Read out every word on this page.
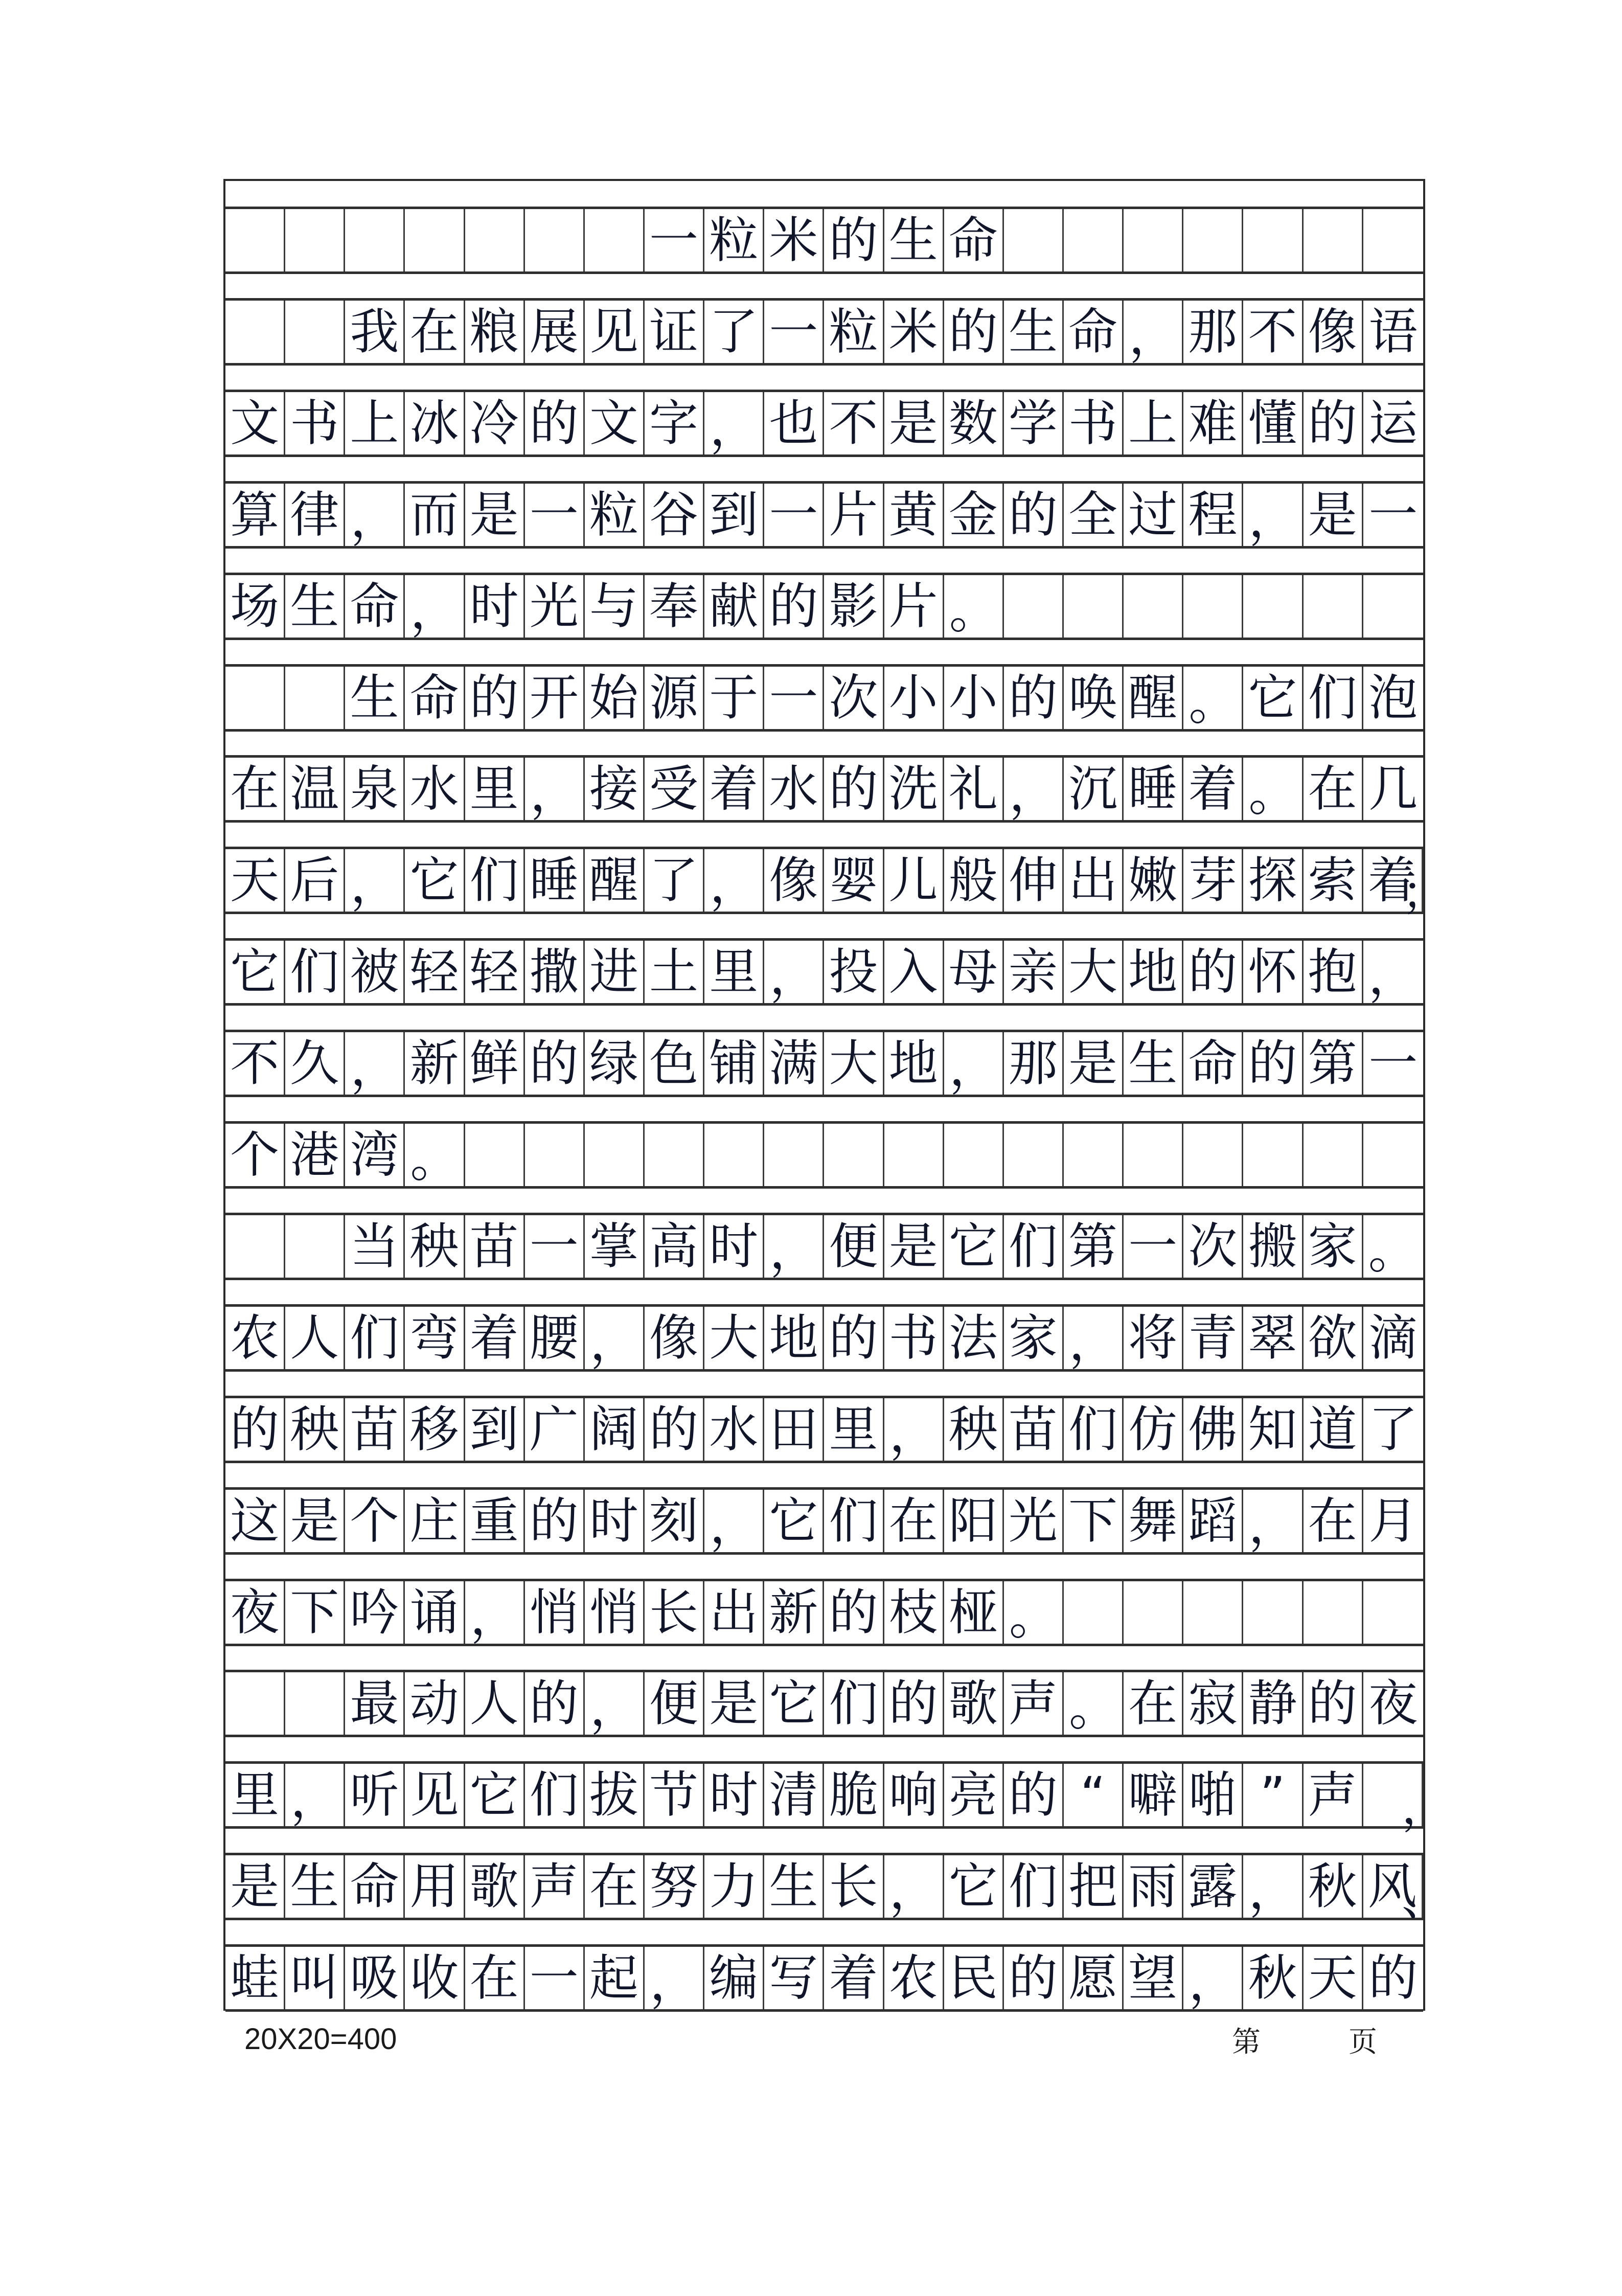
一 粒 米 的 生 命
我 在 粮 展 见 证 了 一 粒 米 的 生 命 ， 那 不 像 语
文 书 上 冰 冷 的 文 字 ， 也 不 是 数 学 书 上 难 懂 的 运
算 律 ， 而 是 一 粒 谷 到 一 片 黄 金 的 全 过 程 ， 是 一
场 生 命 ， 时 光 与 奉 献 的 影 片 。
生 命 的 开 始 源 于 一 次 小 小 的 唤 醒 。 它 们 泡
在 温 泉 水 里 ， 接 受 着 水 的 洗 礼 ， 沉 睡 着 。 在 几
天 后 ， 它 们 睡 醒 了 ， 像 婴 儿 般 伸 出 嫩 芽 探 索 着
；
它 们 被 轻 轻 撒 进 土 里 ， 投 入 母 亲 大 地 的 怀 抱 ，
不 久 ， 新 鲜 的 绿 色 铺 满 大 地 ， 那 是 生 命 的 第 一
个 港 湾 。
当 秧 苗 一 掌 高 时 ， 便 是 它 们 第 一 次 搬 家 。
农 人 们 弯 着 腰 ， 像 大 地 的 书 法 家 ， 将 青 翠 欲 滴
的 秧 苗 移 到 广 阔 的 水 田 里 ， 秧 苗 们 仿 佛 知 道 了
这 是 个 庄 重 的 时 刻 ， 它 们 在 阳 光 下 舞 蹈 ， 在 月
夜 下 吟 诵 ， 悄 悄 长 出 新 的 枝 桠 。
最 动 人 的 ， 便 是 它 们 的 歌 声 。 在 寂 静 的 夜
里 ， 听 见 它 们 拔 节 时 清 脆 响 亮 的 “ 噼 啪 ” 声 ，
是 生 命 用 歌 声 在 努 力 生 长 ， 它 们 把 雨 露 ， 秋 风
、
蛙 叫 吸 收 在 一 起 ， 编 写 着 农 民 的 愿 望 ， 秋 天 的
20X20=400	第	页
